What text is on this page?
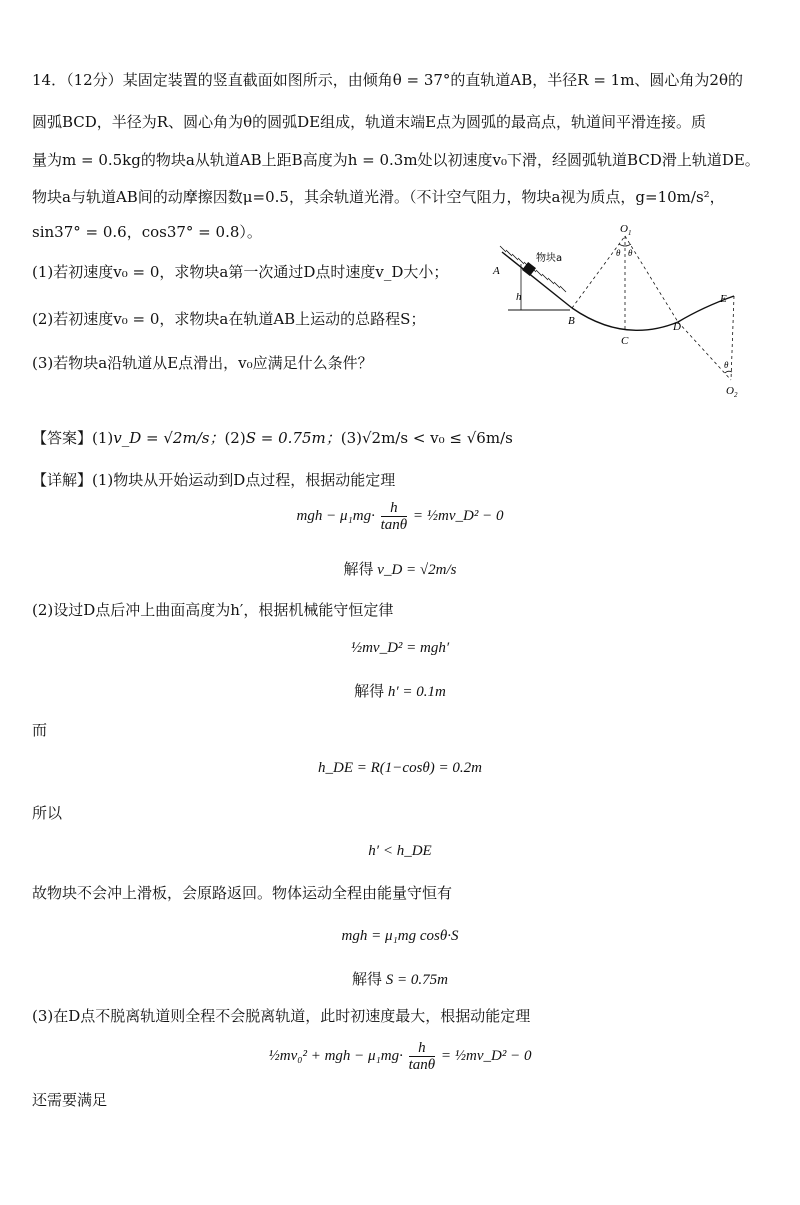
14．（12分）某固定装置的竖直截面如图所示，由倾角θ = 37°的直轨道AB，半径R = 1m、圆心角为2θ的
圆弧BCD，半径为R、圆心角为θ的圆弧DE组成，轨道末端E点为圆弧的最高点，轨道间平滑连接。质
量为m = 0.5kg的物块a从轨道AB上距B高度为h = 0.3m处以初速度v₀下滑，经圆弧轨道BCD滑上轨道DE。
物块a与轨道AB间的动摩擦因数μ=0.5，其余轨道光滑。（不计空气阻力，物块a视为质点，g=10m/s²，
sin37° = 0.6，cos37° = 0.8）。
(1)若初速度v₀ = 0，求物块a第一次通过D点时速度v_D大小；
(2)若初速度v₀ = 0，求物块a在轨道AB上运动的总路程S；
(3)若物块a沿轨道从E点滑出，v₀应满足什么条件？
A
h
物块a
B
C
D
E
$O_1$
θ θ
θ
$O_2$
【答案】(1)v_D = √2m/s；(2)S = 0.75m；(3)√2m/s < v₀ ≤ √6m/s
【详解】(1)物块从开始运动到D点过程，根据动能定理
mgh − $\mu_1mg\cdot \frac{h}{\tan\theta}$ = ½mv_D² − 0
解得 v_D = √2m/s
(2)设过D点后冲上曲面高度为h′，根据机械能守恒定律
½mv_D² = mgh′
解得 h′ = 0.1m
而
h_DE = R(1−cosθ) = 0.2m
所以
h′ < h_DE
故物块不会冲上滑板，会原路返回。物体运动全程由能量守恒有
mgh = μ₁mg cosθ·S
解得 S = 0.75m
(3)在D点不脱离轨道则全程不会脱离轨道，此时初速度最大，根据动能定理
½mv₀² + mgh − $\mu_1mg\cdot \frac{h}{\tan\theta}$ = ½mv_D² − 0
还需要满足
